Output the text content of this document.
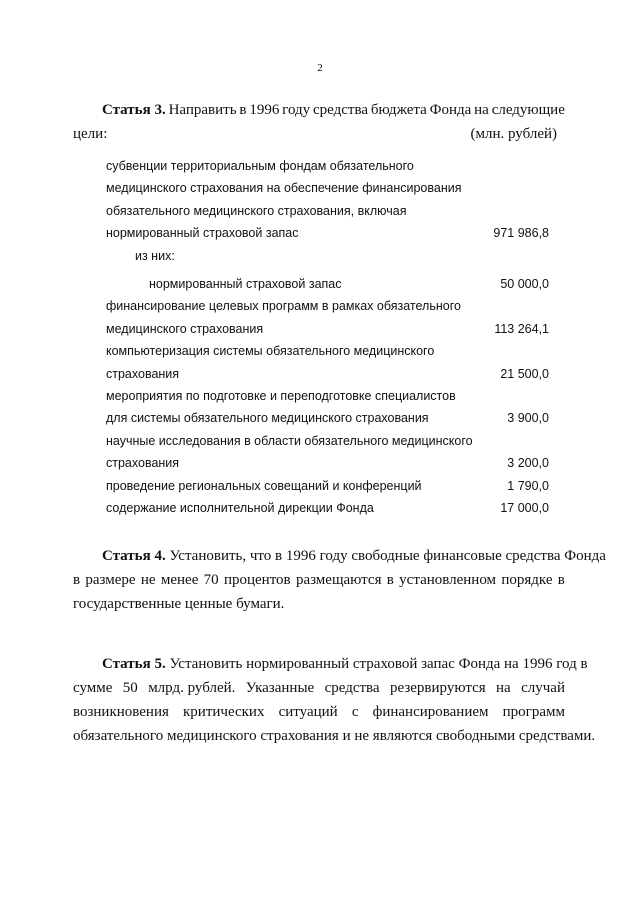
2
Статья 3. Направить в 1996 году средства бюджета Фонда на следующие
цели:	(млн. рублей)
субвенции территориальным фондам обязательного
медицинского страхования на обеспечение финансирования
обязательного медицинского страхования, включая
нормированный страховой запас	971 986,8
из них:
нормированный страховой запас	50 000,0
финансирование целевых программ в рамках обязательного
медицинского страхования	113 264,1
компьютеризация системы обязательного медицинского
страхования	21 500,0
мероприятия по подготовке и переподготовке специалистов
для системы обязательного медицинского страхования	3 900,0
научные исследования в области обязательного медицинского
страхования	3 200,0
проведение региональных совещаний и конференций	1 790,0
содержание исполнительной дирекции Фонда	17 000,0
Статья 4.
Установить, что в 1996 году свободные финансовые средства Фонда
в размере не менее 70 процентов размещаются в установленном порядке в
государственные ценные бумаги.
Статья 5.
Установить нормированный страховой запас Фонда на 1996 год в
сумме 50 млрд. рублей. Указанные средства резервируются на случай
возникновения критических ситуаций с финансированием программ
обязательного медицинского страхования и не являются свободными средствами.
